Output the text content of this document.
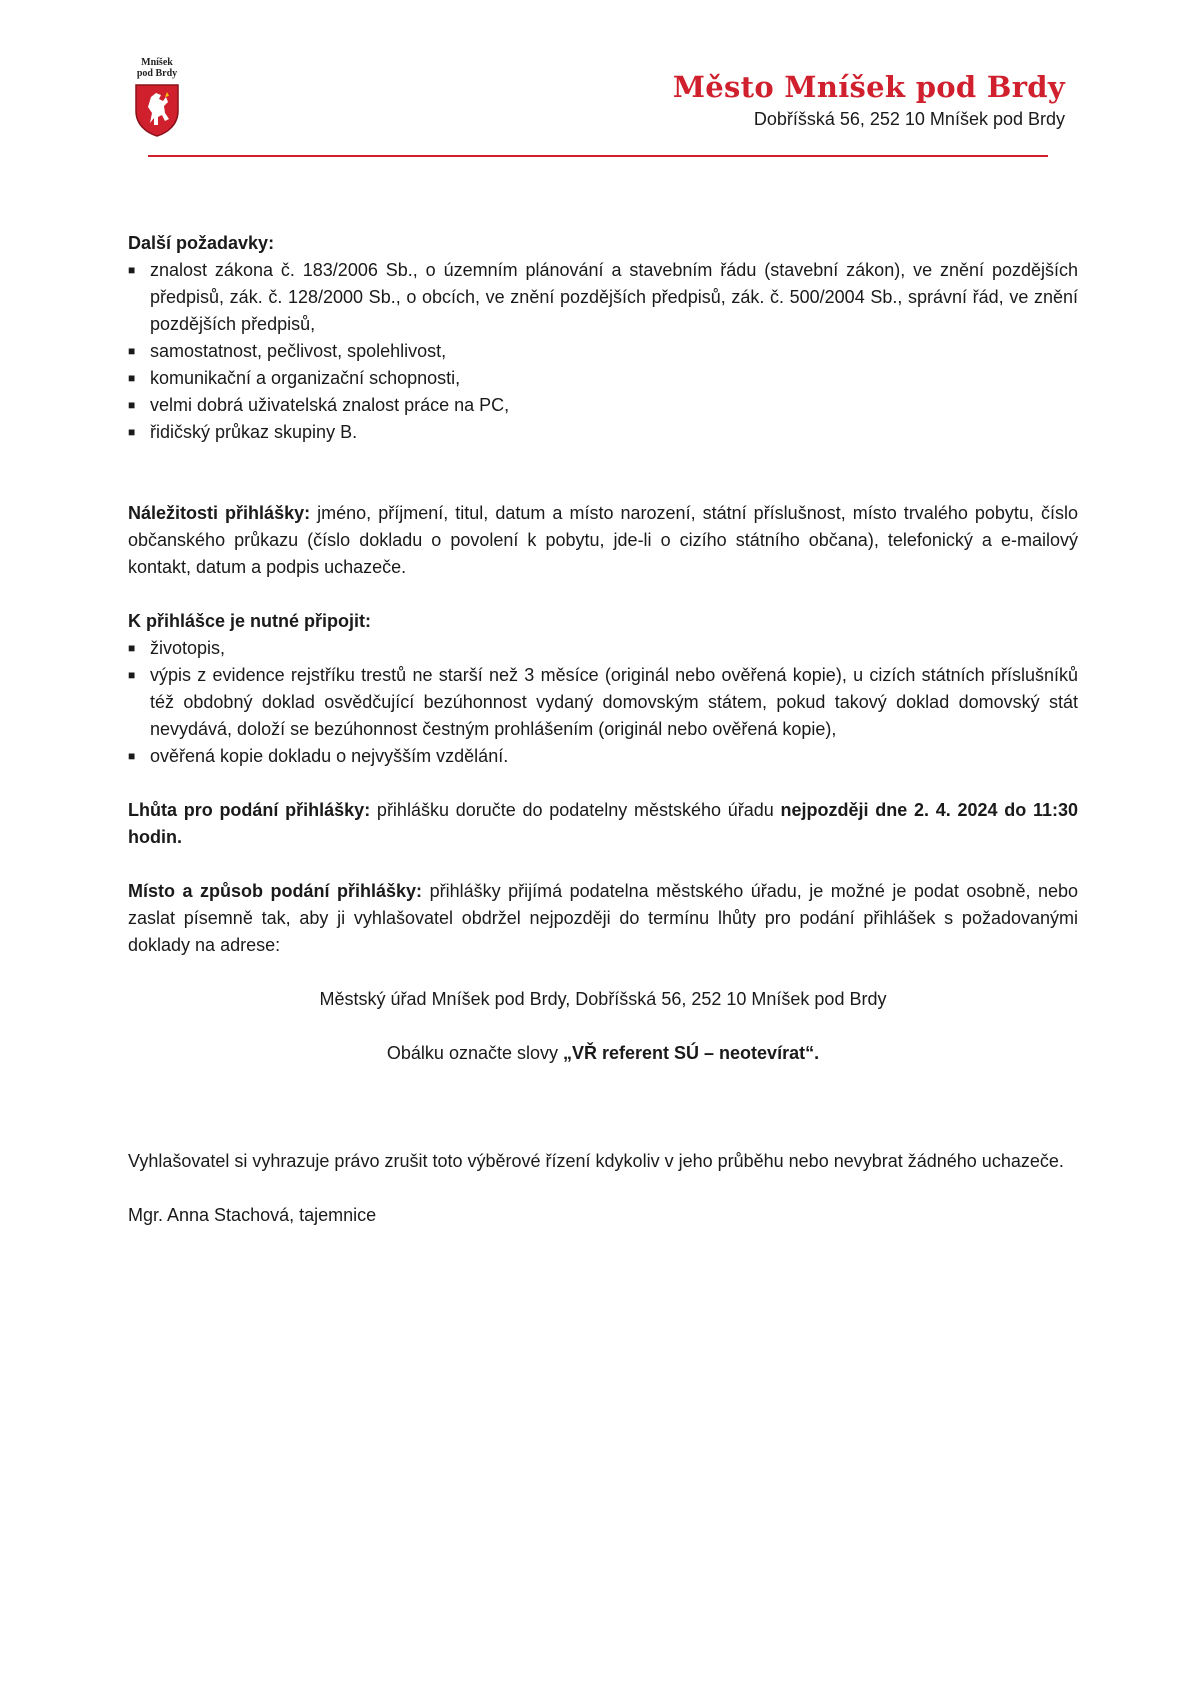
Mníšek
pod Brdy	Město Mníšek pod Brdy
Dobříšská 56, 252 10 Mníšek pod Brdy

Další požadavky:

■ znalost zákona č. 183/2006 Sb., o územním plánování a stavebním řádu (stavební zákon), ve znění pozdějších předpisů, zák. č. 128/2000 Sb., o obcích, ve znění pozdějších předpisů, zák. č. 500/2004 Sb., správní řád, ve znění pozdějších předpisů,
■ samostatnost, pečlivost, spolehlivost,
■ komunikační a organizační schopnosti,
■ velmi dobrá uživatelská znalost práce na PC,
■ řidičský průkaz skupiny B.

Náležitosti přihlášky: jméno, příjmení, titul, datum a místo narození, státní příslušnost, místo trvalého pobytu, číslo občanského průkazu (číslo dokladu o povolení k pobytu, jde-li o cizího státního občana), telefonický a e-mailový kontakt, datum a podpis uchazeče.

K přihlášce je nutné připojit:

■ životopis,
■ výpis z evidence rejstříku trestů ne starší než 3 měsíce (originál nebo ověřená kopie), u cizích státních příslušníků též obdobný doklad osvědčující bezúhonnost vydaný domovským státem, pokud takový doklad domovský stát nevydává, doloží se bezúhonnost čestným prohlášením (originál nebo ověřená kopie),
■ ověřená kopie dokladu o nejvyšším vzdělání.

Lhůta pro podání přihlášky: přihlášku doručte do podatelny městského úřadu nejpozději dne 2. 4. 2024 do 11:30 hodin.

Místo a způsob podání přihlášky: přihlášky přijímá podatelna městského úřadu, je možné je podat osobně, nebo zaslat písemně tak, aby ji vyhlašovatel obdržel nejpozději do termínu lhůty pro podání přihlášek s požadovanými doklady na adrese:

Městský úřad Mníšek pod Brdy, Dobříšská 56, 252 10 Mníšek pod Brdy

Obálku označte slovy „VŘ referent SÚ – neotevírat“.

Vyhlašovatel si vyhrazuje právo zrušit toto výběrové řízení kdykoliv v jeho průběhu nebo nevybrat žádného uchazeče.

Mgr. Anna Stachová, tajemnice
